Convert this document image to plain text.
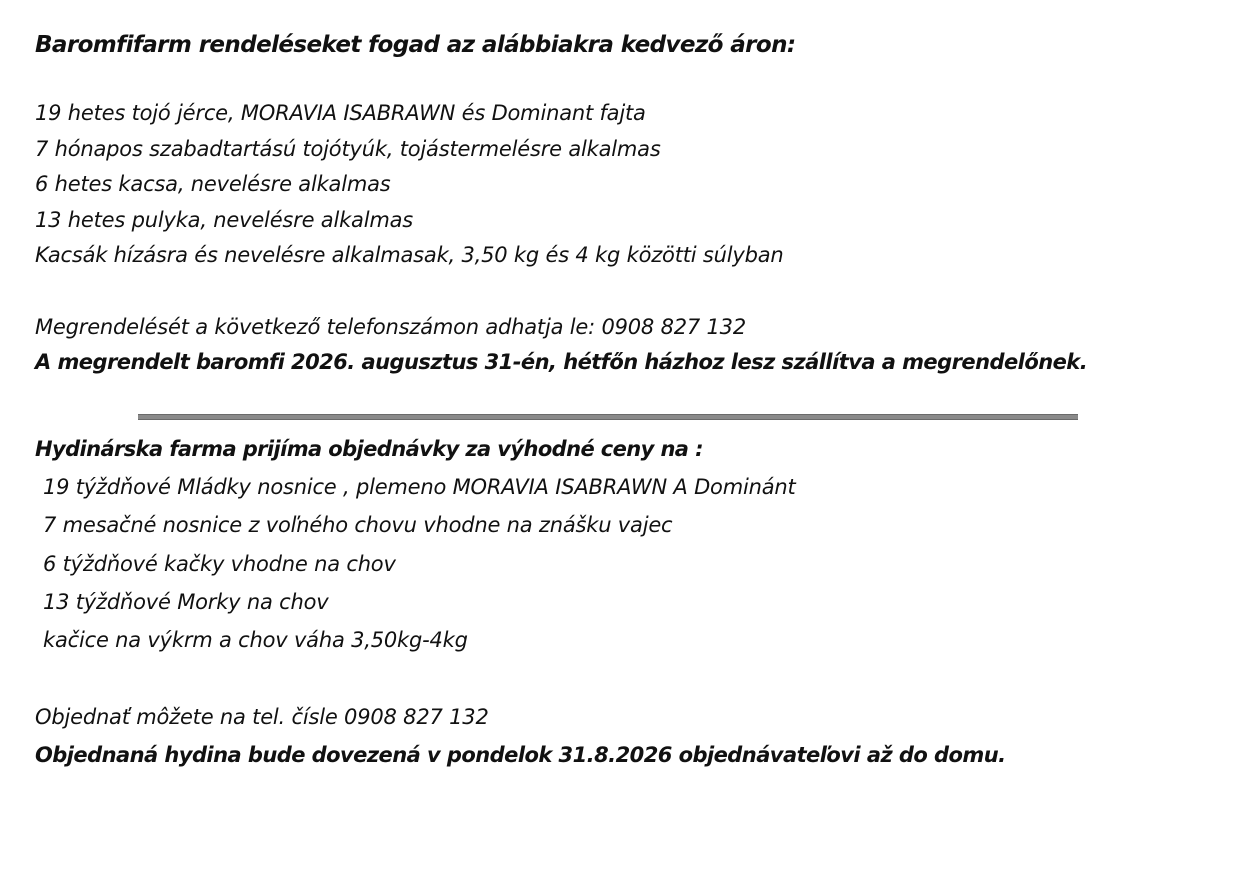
Baromfifarm rendeléseket fogad az alábbiakra kedvező áron:
19 hetes tojó jérce, MORAVIA ISABRAWN és Dominant fajta
7 hónapos szabadtartású tojótyúk, tojástermelésre alkalmas
6 hetes kacsa, nevelésre alkalmas
13 hetes pulyka, nevelésre alkalmas
Kacsák hízásra és nevelésre alkalmasak, 3,50 kg és 4 kg közötti súlyban
Megrendelését a következő telefonszámon adhatja le: 0908 827 132
A megrendelt baromfi 2026. augusztus 31-én, hétfőn házhoz lesz szállítva a megrendelőnek.
Hydinárska farma prijíma objednávky za výhodné ceny na :
19 týždňové Mládky nosnice , plemeno MORAVIA ISABRAWN A Dominánt
7 mesačné nosnice z voľného chovu vhodne na znášku vajec
6 týždňové kačky vhodne na chov
13 týždňové Morky na chov
kačice na výkrm a chov váha 3,50kg-4kg
Objednať môžete na tel. čísle 0908 827 132
Objednaná hydina bude dovezená v pondelok 31.8.2026 objednávateľovi až do domu.
